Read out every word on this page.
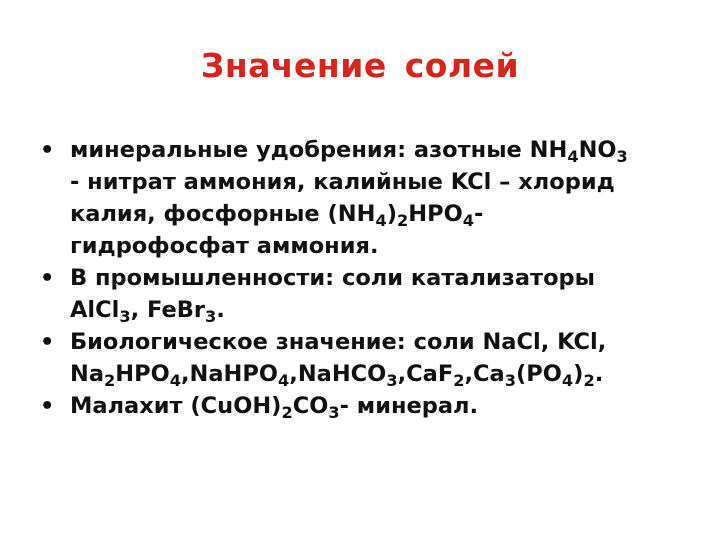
Значение солей
• минеральные удобрения: азотные $NH_4NO_3$
- нитрат аммония, калийные KCl – хлорид
калия, фосфорные $(NH_4)_2HPO_4-$
гидрофосфат аммония.
• В промышленности: соли катализаторы
AlCl$_3$, FeBr$_3$.
• Биологическое значение: соли NaCl, KCl,
$Na_2HPO_4,NaHPO_4,NaHCO_3,CaF_2,Ca_3(PO_4)_2$.
• Малахит $(CuOH)_2CO_3-$ минерал.
